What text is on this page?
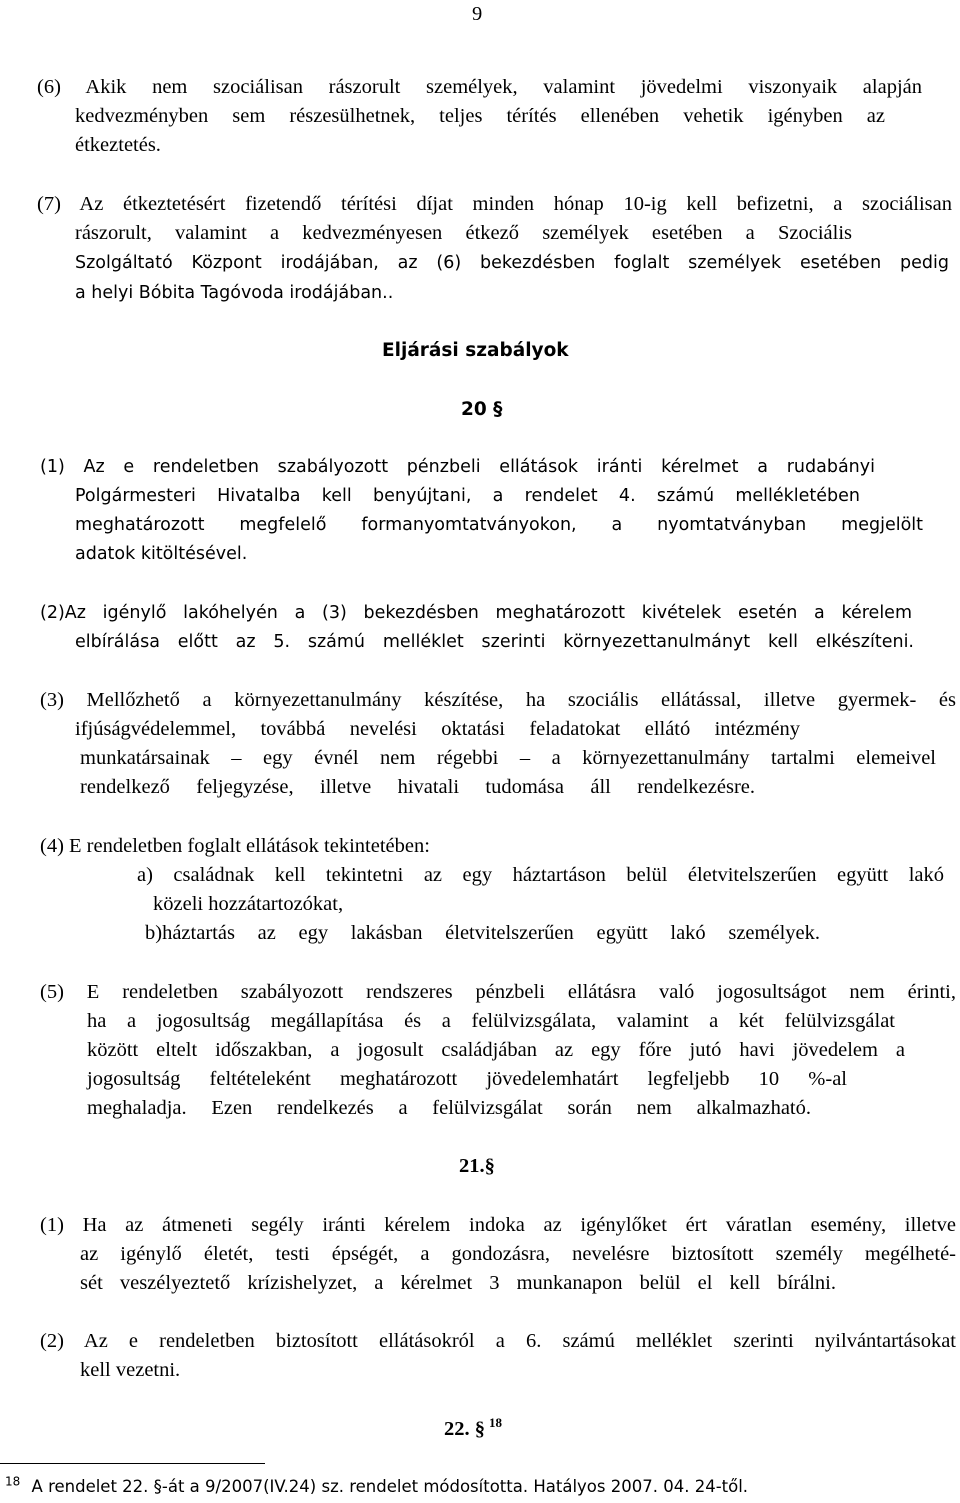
9
(6) Akik nem szociálisan rászorult személyek, valamint jövedelmi viszonyaik alapján
kedvezményben sem részesülhetnek, teljes térítés ellenében vehetik igényben az
étkeztetés.
(7) Az étkeztetésért fizetendő térítési díjat minden hónap 10-ig kell befizetni, a szociálisan
rászorult, valamint a kedvezményesen étkező személyek esetében a Szociális
Szolgáltató Központ irodájában, az (6) bekezdésben foglalt személyek esetében pedig
a helyi Bóbita Tagóvoda irodájában..
Eljárási szabályok
20 §
(1) Az e rendeletben szabályozott pénzbeli ellátások iránti kérelmet a rudabányi
Polgármesteri Hivatalba kell benyújtani, a rendelet 4. számú mellékletében
meghatározott megfelelő formanyomtatványokon, a nyomtatványban megjelölt
adatok kitöltésével.
(2)Az igénylő lakóhelyén a (3) bekezdésben meghatározott kivételek esetén a kérelem
elbírálása előtt az 5. számú melléklet szerinti környezettanulmányt kell elkészíteni.
(3) Mellőzhető a környezettanulmány készítése, ha szociális ellátással, illetve gyermek- és
ifjúságvédelemmel, továbbá nevelési oktatási feladatokat ellátó intézmény
munkatársainak – egy évnél nem régebbi – a környezettanulmány tartalmi elemeivel
rendelkező feljegyzése, illetve hivatali tudomása áll rendelkezésre.
(4) E rendeletben foglalt ellátások tekintetében:
a) családnak kell tekintetni az egy háztartáson belül életvitelszerűen együtt lakó
közeli hozzátartozókat,
b)háztartás az egy lakásban életvitelszerűen együtt lakó személyek.
(5) E rendeletben szabályozott rendszeres pénzbeli ellátásra való jogosultságot nem érinti,
ha a jogosultság megállapítása és a felülvizsgálata, valamint a két felülvizsgálat
között eltelt időszakban, a jogosult családjában az egy főre jutó havi jövedelem a
jogosultság feltételeként meghatározott jövedelemhatárt legfeljebb 10 %-al
meghaladja. Ezen rendelkezés a felülvizsgálat során nem alkalmazható.
21.§
(1) Ha az átmeneti segély iránti kérelem indoka az igénylőket ért váratlan esemény, illetve
az igénylő életét, testi épségét, a gondozásra, nevelésre biztosított személy megélheté-
sét veszélyeztető krízishelyzet, a kérelmet 3 munkanapon belül el kell bírálni.
(2) Az e rendeletben biztosított ellátásokról a 6. számú melléklet szerinti nyilvántartásokat
kell vezetni.
22. § $^{18}$
$^{18}$ A rendelet 22. §-át a 9/2007(IV.24) sz. rendelet módosította. Hatályos 2007. 04. 24-től.
